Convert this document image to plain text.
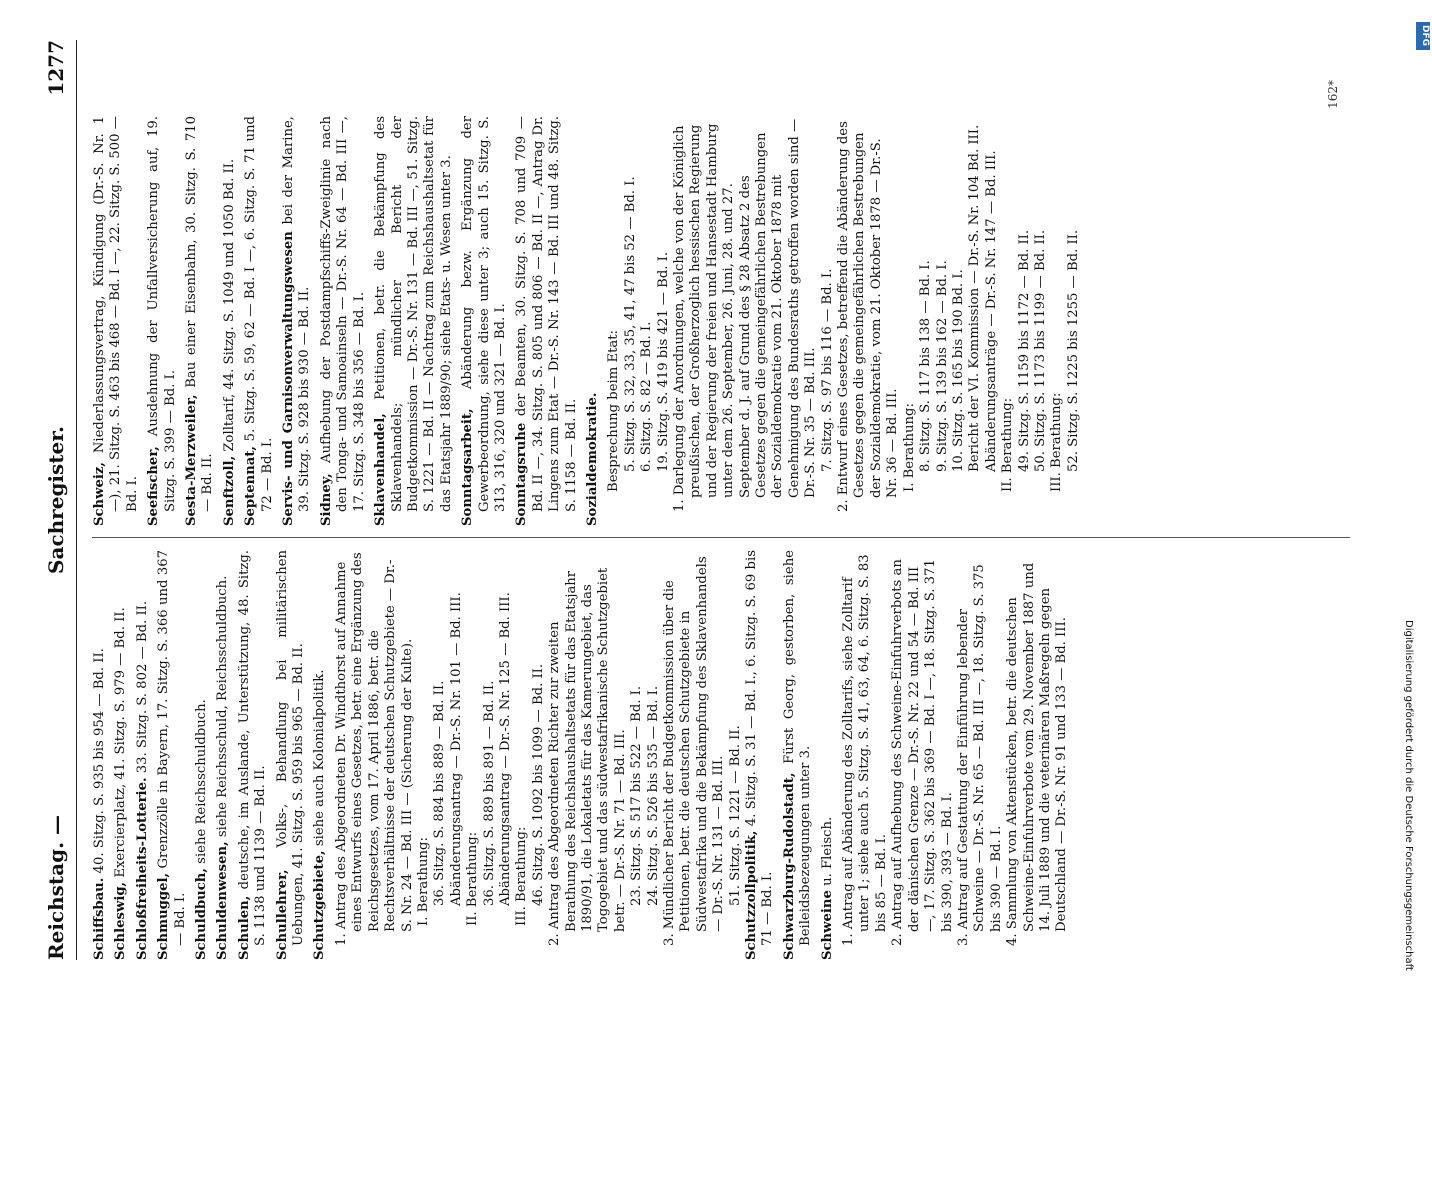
Reichstag. —
Sachregister.
1277
Schiffsbau. 40. Sitzg. S. 935 bis 954 — Bd. II.
Schleswig, Exercierplatz, 41. Sitzg. S. 979 — Bd. II. Schloßfreiheits-Lotterie. 33. Sitzg. S. 802 — Bd. II.
Schmuggel, Grenzzölle in Bayern, 17. Sitzg. S. 366 und 367 — Bd. I. Schuldbuch, siehe Reichsschuldbuch.
Schuldenwesen, siehe Reichsschuld, Reichsschuldbuch.
Schulen, deutsche, im Auslande, Unterstützung, 48. Sitzg. S. 1138 und 1139 — Bd. II. Schullehrer, Volks-, Behandlung bei militärischen Uebungen, 41. Sitzg. S. 959 bis 965 — Bd. II. Schutzgebiete, siehe auch Kolonialpolitik. 1. Antrag des Abgeordneten Dr. Windthorst auf Annahme eines Entwurfs eines Gesetzes, betr. eine Ergänzung des Reichsgesetzes, vom 17. April 1886, betr. die Rechtsverhältnisse der deutschen Schutzgebiete — Dr.-S. Nr. 24 — Bd. III — (Sicherung der Kulte). I. Berathung: 36. Sitzg. S. 884 bis 889 — Bd. II. Abänderungsantrag — Dr.-S. Nr. 101 — Bd. III. II. Berathung: 36. Sitzg. S. 889 bis 891 — Bd. II. Abänderungsantrag — Dr.-S. Nr. 125 — Bd. III. III. Berathung: 46. Sitzg. S. 1092 bis 1099 — Bd. II. 2. Antrag des Abgeordneten Richter zur zweiten Berathung des Reichshaushaltsetats für das Etatsjahr 1890/91, die Lokaletats für das Kamerungebiet, das Togogebiet und das südwestafrikanische Schutzgebiet betr. — Dr.-S. Nr. 71 — Bd. III. 23. Sitzg. S. 517 bis 522 — Bd. I. 24. Sitzg. S. 526 bis 535 — Bd. I. 3. Mündlicher Bericht der Budgetkommission über die Petitionen, betr. die deutschen Schutzgebiete in Südwestafrika und die Bekämpfung des Sklavenhandels — Dr.-S. Nr. 131 — Bd. III. 51. Sitzg. S. 1221 — Bd. II. Schutzzollpolitik, 4. Sitzg. S. 31 — Bd. I., 6. Sitzg. S. 69 bis 71 — Bd. I. Schwarzburg-Rudolstadt, Fürst Georg, gestorben, siehe Beileidsbezeugungen unter 3. Schweine u. Fleisch. 1. Antrag auf Abänderung des Zolltarifs, siehe Zolltarif unter 1; siehe auch 5. Sitzg. S. 41, 63, 64, 6. Sitzg. S. 83 bis 85 — Bd. I. 2. Antrag auf Aufhebung des Schweine-Einfuhrverbots an der dänischen Grenze — Dr.-S. Nr. 22 und 54 — Bd. III —, 17. Sitzg. S. 362 bis 369 — Bd. I —, 18. Sitzg. S. 371 bis 390, 393 — Bd. I. 3. Antrag auf Gestattung der Einführung lebender Schweine — Dr.-S. Nr. 65 — Bd. III —, 18. Sitzg. S. 375 bis 390 — Bd. I. 4. Sammlung von Aktenstücken, betr. die deutschen Schweine-Einfuhrverbote vom 29. November 1887 und 14. Juli 1889 und die veterinären Maßregeln gegen Deutschland — Dr.-S. Nr. 91 und 133 — Bd. III.
Schweiz, Niederlassungsvertrag, Kündigung (Dr.-S. Nr. 1 —), 21. Sitzg. S. 463 bis 468 — Bd. I —, 22. Sitzg. S. 500 — Bd. I. Seefischer, Ausdehnung der Unfallversicherung auf, 19. Sitzg. S. 399 — Bd. I. Sesta-Merzweiler, Bau einer Eisenbahn, 30. Sitzg. S. 710 — Bd. II. Senftzoll, Zolltarif, 44. Sitzg. S. 1049 und 1050 Bd. II.
Septennat, 5. Sitzg. S. 59, 62 — Bd. I —, 6. Sitzg. S. 71 und 72 — Bd. I. Servis- und Garnisonverwaltungswesen bei der Marine, 39. Sitzg. S. 928 bis 930 — Bd. II. Sidney, Aufhebung der Postdampfschiffs-Zweiglinie nach den Tonga- und Samoainseln — Dr.-S. Nr. 64 — Bd. III —, 17. Sitzg. S. 348 bis 356 — Bd. I. Sklavenhandel, Petitionen, betr. die Bekämpfung des Sklavenhandels; mündlicher Bericht der Budgetkommission — Dr.-S. Nr. 131 — Bd. III —, 51. Sitzg. S. 1221 — Bd. II — Nachtrag zum Reichshaushaltsetat für das Etatsjahr 1889/90; siehe Etats- u. Wesen unter 3. Sonntagsarbeit, Abänderung bezw. Ergänzung der Gewerbeordnung, siehe diese unter 3; auch 15. Sitzg. S. 313, 316, 320 und 321 — Bd. I. Sonntagsruhe der Beamten, 30. Sitzg. S. 708 und 709 — Bd. II —, 34. Sitzg. S. 805 und 806 — Bd. II —, Antrag Dr. Lingens zum Etat — Dr.-S. Nr. 143 — Bd. III und 48. Sitzg. S. 1158 — Bd. II. Sozialdemokratie. Besprechung beim Etat: 5. Sitzg. S. 32, 33, 35, 41, 47 bis 52 — Bd. I. 6. Sitzg. S. 82 — Bd. I. 19. Sitzg. S. 419 bis 421 — Bd. I. 1. Darlegung der Anordnungen, welche von der Königlich preußischen, der Großherzoglich hessischen Regierung und der Regierung der freien und Hansestadt Hamburg unter dem 26. September, 26. Juni, 28. und 27. September d. J. auf Grund des § 28 Absatz 2 des Gesetzes gegen die gemeingefährlichen Bestrebungen der Sozialdemokratie vom 21. Oktober 1878 mit Genehmigung des Bundesraths getroffen worden sind — Dr.-S. Nr. 35 — Bd. III. 7. Sitzg. S. 97 bis 116 — Bd. I. 2. Entwurf eines Gesetzes, betreffend die Abänderung des Gesetzes gegen die gemeingefährlichen Bestrebungen der Sozialdemokratie, vom 21. Oktober 1878 — Dr.-S. Nr. 36 — Bd. III. I. Berathung: 8. Sitzg. S. 117 bis 138 — Bd. I. 9. Sitzg. S. 139 bis 162 — Bd. I. 10. Sitzg. S. 165 bis 190 Bd. I. Bericht der VI. Kommission — Dr.-S. Nr. 104 Bd. III. Abänderungsanträge — Dr.-S. Nr. 147 — Bd. III. II. Berathung: 49. Sitzg. S. 1159 bis 1172 — Bd. II. 50. Sitzg. S. 1173 bis 1199 — Bd. II. III. Berathung: 52. Sitzg. S. 1225 bis 1255 — Bd. II.
162*
DFG
Digitalisierung gefördert durch die Deutsche Forschungsgemeinschaft
